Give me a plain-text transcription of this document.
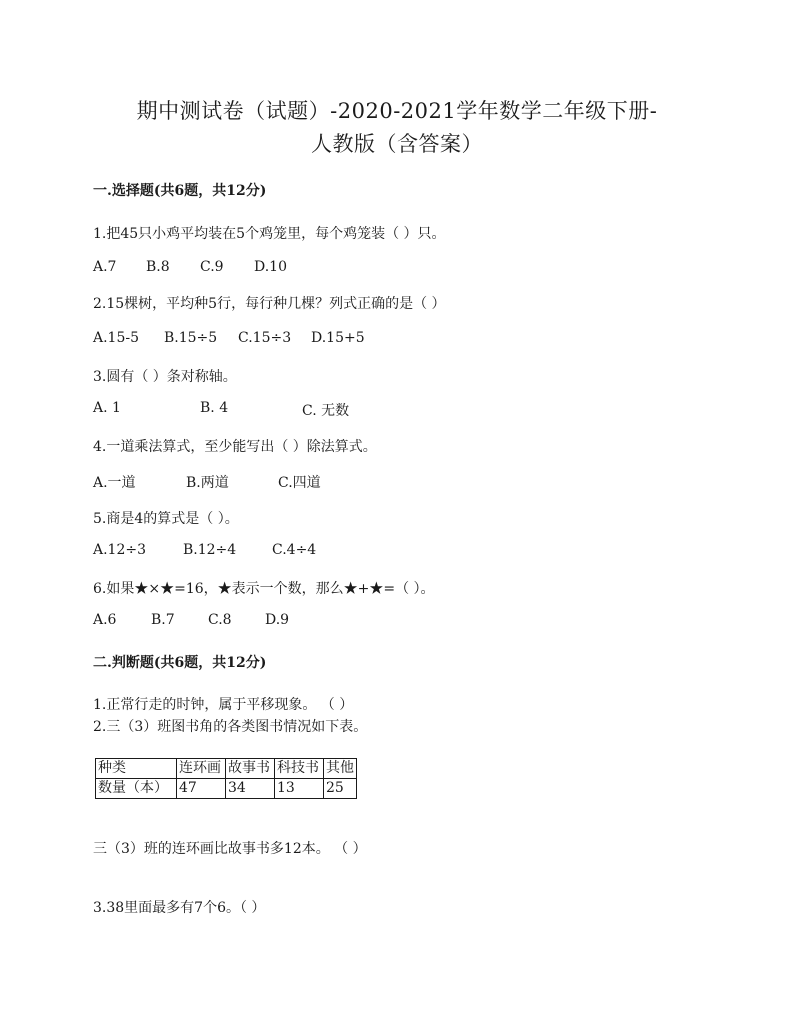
期中测试卷（试题）-2020-2021学年数学二年级下册-
人教版（含答案）
一.选择题(共6题，共12分)
1.把45只小鸡平均装在5个鸡笼里，每个鸡笼装（ ）只。
A.7	B.8	C.9	D.10
2.15棵树，平均种5行，每行种几棵？列式正确的是（ ）
A.15-5	B.15÷5	C.15÷3	D.15+5
3.圆有（ ）条对称轴。
A. 1	B. 4	C. 无数
4.一道乘法算式，至少能写出（ ）除法算式。
A.一道	B.两道	C.四道
5.商是4的算式是（ ）。
A.12÷3	B.12÷4	C.4÷4
6.如果★×★=16，★表示一个数，那么★+★=（ ）。
A.6	B.7	C.8	D.9
二.判断题(共6题，共12分)
1.正常行走的时钟，属于平移现象。 （ ）
2.三（3）班图书角的各类图书情况如下表。
种类	连环画	故事书	科技书	其他
数量（本）	47	34	13	25
三（3）班的连环画比故事书多12本。 （ ）
3.38里面最多有7个6。（ ）
